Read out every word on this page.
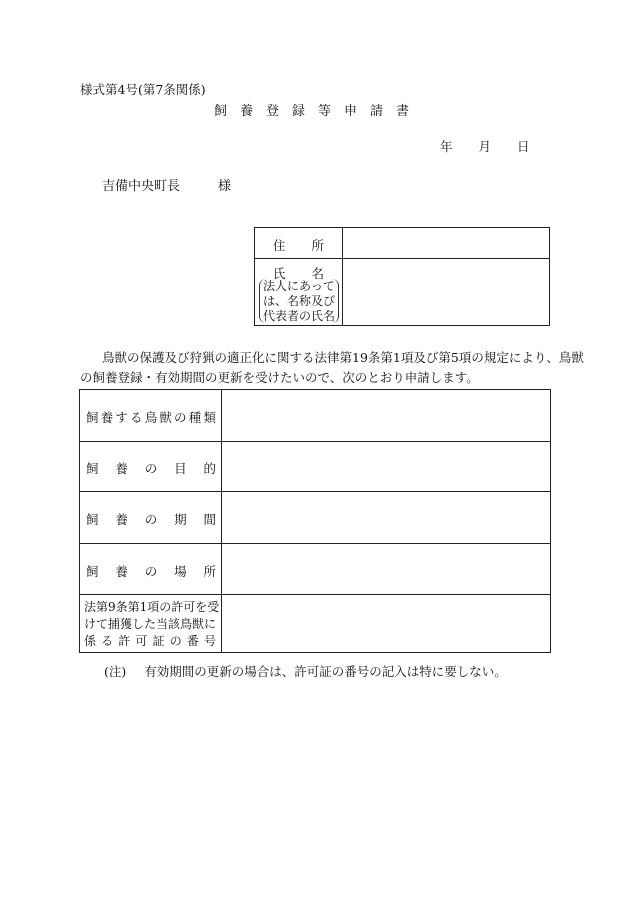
様式第4号(第7条関係)
飼 養 登 録 等 申 請 書
年 月 日
吉備中央町長	様
住 所
氏 名
法人にあって
は、名称及び
代表者の氏名
鳥獣の保護及び狩猟の適正化に関する法律第19条第1項及び第5項の規定により、鳥獣
の飼養登録・有効期間の更新を受けたいので、次のとおり申請します。
飼 養 す る 鳥 獣 の 種 類
飼 養 の 目 的
飼 養 の 期 間
飼 養 の 場 所
法第9条第1項の許可を受
けて捕獲した当該鳥獣に
係 る 許 可 証 の 番 号
(注) 有効期間の更新の場合は、許可証の番号の記入は特に要しない。
